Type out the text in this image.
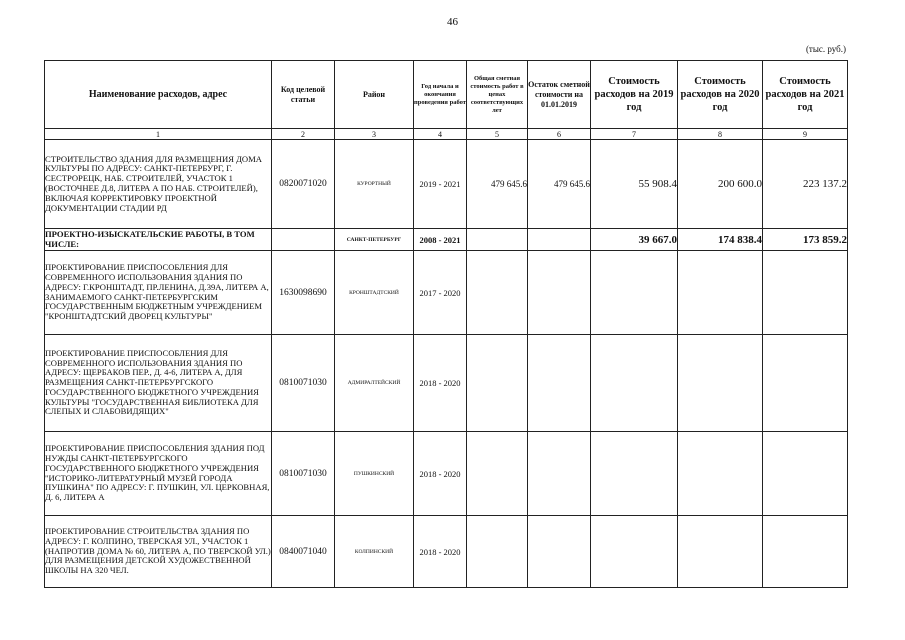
46
(тыс. руб.)
Наименование расходов, адрес	Код целевой статьи	Район	Год начала и окончания проведения работ	Общая сметная стоимость работ в ценах соответствующих лет	Остаток сметной стоимости на 01.01.2019	Стоимость расходов на 2019 год	Стоимость расходов на 2020 год	Стоимость расходов на 2021 год
1	2	3	4	5	6	7	8	9
СТРОИТЕЛЬСТВО ЗДАНИЯ ДЛЯ РАЗМЕЩЕНИЯ ДОМА КУЛЬТУРЫ ПО АДРЕСУ: САНКТ-ПЕТЕРБУРГ, Г. СЕСТРОРЕЦК, НАБ. СТРОИТЕЛЕЙ, УЧАСТОК 1 (ВОСТОЧНЕЕ Д.8, ЛИТЕРА А ПО НАБ. СТРОИТЕЛЕЙ), ВКЛЮЧАЯ КОРРЕКТИРОВКУ ПРОЕКТНОЙ ДОКУМЕНТАЦИИ СТАДИИ РД	0820071020	КУРОРТНЫЙ	2019 - 2021	479 645.6	479 645.6	55 908.4	200 600.0	223 137.2
ПРОЕКТНО-ИЗЫСКАТЕЛЬСКИЕ РАБОТЫ, В ТОМ ЧИСЛЕ:		САНКТ-ПЕТЕРБУРГ	2008 - 2021			39 667.0	174 838.4	173 859.2
ПРОЕКТИРОВАНИЕ ПРИСПОСОБЛЕНИЯ ДЛЯ СОВРЕМЕННОГО ИСПОЛЬЗОВАНИЯ ЗДАНИЯ ПО АДРЕСУ: Г.КРОНШТАДТ, ПР.ЛЕНИНА, Д.39А, ЛИТЕРА А, ЗАНИМАЕМОГО САНКТ-ПЕТЕРБУРГСКИМ ГОСУДАРСТВЕННЫМ БЮДЖЕТНЫМ УЧРЕЖДЕНИЕМ "КРОНШТАДТСКИЙ ДВОРЕЦ КУЛЬТУРЫ"	1630098690	КРОНШТАДТСКИЙ	2017 - 2020					
ПРОЕКТИРОВАНИЕ ПРИСПОСОБЛЕНИЯ ДЛЯ СОВРЕМЕННОГО ИСПОЛЬЗОВАНИЯ ЗДАНИЯ ПО АДРЕСУ: ЩЕРБАКОВ ПЕР., Д. 4-6, ЛИТЕРА А, ДЛЯ РАЗМЕЩЕНИЯ САНКТ-ПЕТЕРБУРГСКОГО ГОСУДАРСТВЕННОГО БЮДЖЕТНОГО УЧРЕЖДЕНИЯ КУЛЬТУРЫ "ГОСУДАРСТВЕННАЯ БИБЛИОТЕКА ДЛЯ СЛЕПЫХ И СЛАБОВИДЯЩИХ"	0810071030	АДМИРАЛТЕЙСКИЙ	2018 - 2020					
ПРОЕКТИРОВАНИЕ ПРИСПОСОБЛЕНИЯ ЗДАНИЯ ПОД НУЖДЫ САНКТ-ПЕТЕРБУРГСКОГО ГОСУДАРСТВЕННОГО БЮДЖЕТНОГО УЧРЕЖДЕНИЯ "ИСТОРИКО-ЛИТЕРАТУРНЫЙ МУЗЕЙ ГОРОДА ПУШКИНА" ПО АДРЕСУ: Г. ПУШКИН, УЛ. ЦЕРКОВНАЯ, Д. 6, ЛИТЕРА А	0810071030	ПУШКИНСКИЙ	2018 - 2020					
ПРОЕКТИРОВАНИЕ СТРОИТЕЛЬСТВА ЗДАНИЯ ПО АДРЕСУ: Г. КОЛПИНО, ТВЕРСКАЯ УЛ., УЧАСТОК 1 (НАПРОТИВ ДОМА № 60, ЛИТЕРА А, ПО ТВЕРСКОЙ УЛ.) ДЛЯ РАЗМЕЩЕНИЯ ДЕТСКОЙ ХУДОЖЕСТВЕННОЙ ШКОЛЫ НА 320 ЧЕЛ.	0840071040	КОЛПИНСКИЙ	2018 - 2020					
